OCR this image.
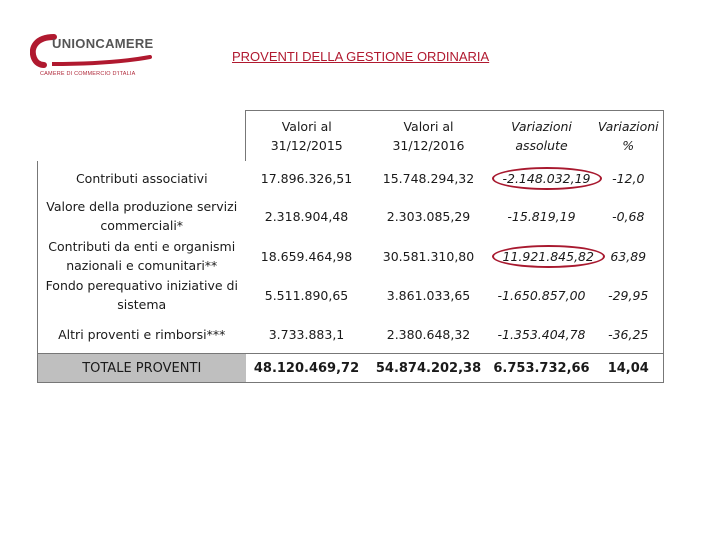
UNIONCAMERE
CAMERE DI COMMERCIO D'ITALIA
PROVENTI DELLA GESTIONE ORDINARIA
	Valori al 31/12/2015	Valori al 31/12/2016	Variazioni assolute	Variazioni %
Contributi associativi	17.896.326,51	15.748.294,32	-2.148.032,19	-12,0
Valore della produzione servizi commerciali*	2.318.904,48	2.303.085,29	-15.819,19	-0,68
Contributi da enti e organismi nazionali e comunitari**	18.659.464,98	30.581.310,80	11.921.845,82	63,89
Fondo perequativo iniziative di sistema	5.511.890,65	3.861.033,65	-1.650.857,00	-29,95
Altri proventi e rimborsi***	3.733.883,1	2.380.648,32	-1.353.404,78	-36,25
TOTALE PROVENTI	48.120.469,72	54.874.202,38	6.753.732,66	14,04
